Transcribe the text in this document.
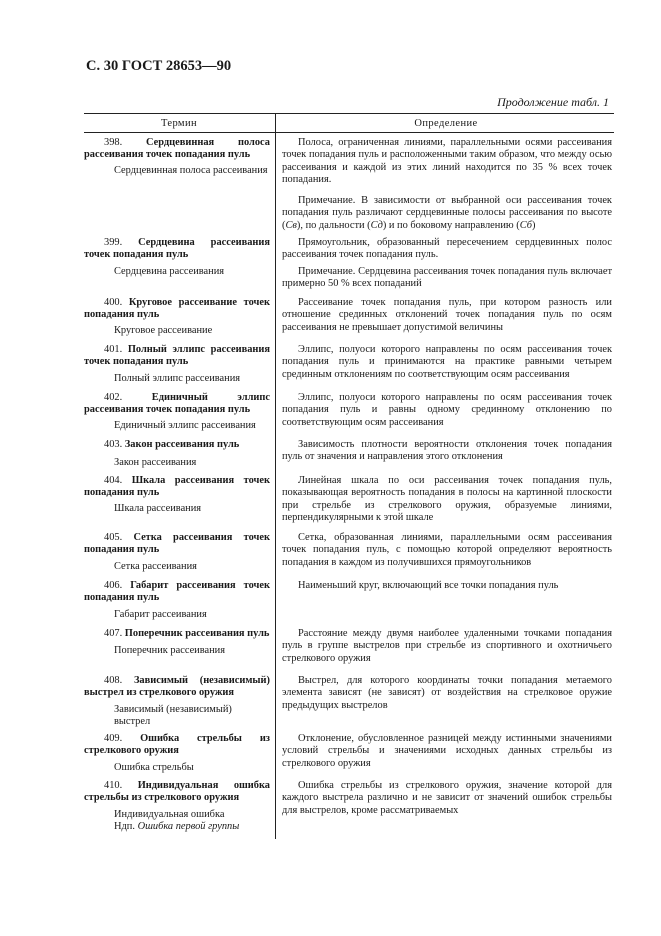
С. 30 ГОСТ 28653—90
Продолжение табл. 1
Термин	Определение
398. Сердцевинная полоса рассеивания точек попадания пуль
Сердцевинная полоса рассеивания

Полоса, ограниченная линиями, параллельными осями рассеивания точек попадания пуль и расположенными таким образом, что между осью рассеивания и каждой из этих линий находится по 35 % всех точек попадания.

Примечание. В зависимости от выбранной оси рассеивания точек попадания пуль различают сердцевинные полосы рассеивания по высоте (Св), по дальности (Сд) и по боковому направлению (Сб)
399. Сердцевина рассеивания точек попадания пуль
Сердцевина рассеивания

Прямоугольник, образованный пересечением сердцевинных полос рассеивания точек попадания пуль.

Примечание. Сердцевина рассеивания точек попадания пуль включает примерно 50 % всех попаданий
400. Круговое рассеивание точек попадания пуль
Круговое рассеивание

Рассеивание точек попадания пуль, при котором разность или отношение срединных отклонений точек попадания пуль по осям рассеивания не превышает допустимой величины

401. Полный эллипс рассеивания точек попадания пуль
Полный эллипс рассеивания

Эллипс, полуоси которого направлены по осям рассеивания точек попадания пуль и принимаются на практике равными четырем срединным отклонениям по соответствующим осям рассеивания

402.	Единичный эллипс рассеивания точек попадания пуль
Единичный эллипс рассеивания

Эллипс, полуоси которого направлены по осям рассеивания точек попадания пуль и равны одному срединному отклонению по соответствующим осям рассеивания

403. Закон рассеивания пуль
Закон рассеивания

Зависимость плотности вероятности отклонения точек попадания пуль от значения и направления этого отклонения

404. Шкала рассеивания точек попадания пуль
Шкала рассеивания

Линейная шкала по оси рассеивания точек попадания пуль, показывающая вероятность попадания в полосы на картинной плоскости при стрельбе из стрелкового оружия, образуемые линиями, перпендикулярными к этой шкале

405. Сетка рассеивания точек попадания пуль
Сетка рассеивания

Сетка, образованная линиями, параллельными осям рассеивания точек попадания пуль, с помощью которой определяют вероятность попадания в каждом из получившихся прямоугольников

406. Габарит рассеивания точек попадания пуль
Габарит рассеивания

Наименьший круг, включающий все точки попадания пуль

407. Поперечник рассеивания пуль
Поперечник рассеивания

Расстояние между двумя наиболее удаленными точками попадания пуль в группе выстрелов при стрельбе из спортивного и охотничьего стрелкового оружия

408. Зависимый (независимый) выстрел из стрелкового оружия
Зависимый (независимый) выстрел

Выстрел, для которого координаты точки попадания метаемого элемента зависят (не зависят) от воздействия на стрелковое оружие предыдущих выстрелов

409. Ошибка стрельбы из стрелкового оружия
Ошибка стрельбы

Отклонение, обусловленное разницей между истинными значениями условий стрельбы и значениями исходных данных стрельбы из стрелкового оружия

410. Индивидуальная ошибка стрельбы из стрелкового оружия
Индивидуальная ошибка
Ндп. Ошибка первой группы

Ошибка стрельбы из стрелкового оружия, значение которой для каждого выстрела различно и не зависит от значений ошибок стрельбы для выстрелов, кроме рассматриваемых
